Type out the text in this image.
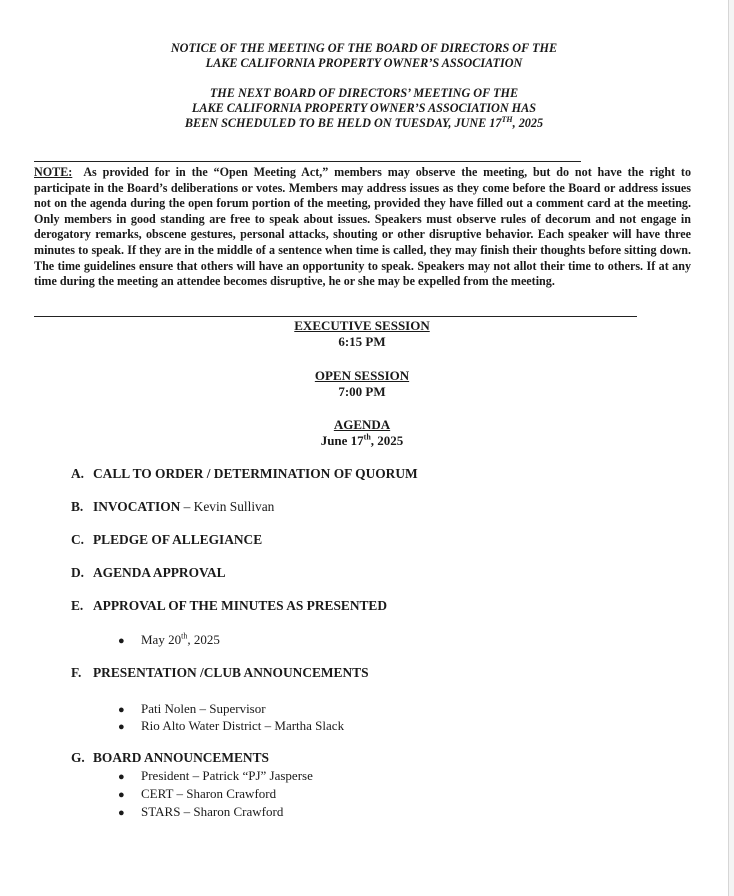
NOTICE OF THE MEETING OF THE BOARD OF DIRECTORS OF THE
LAKE CALIFORNIA PROPERTY OWNER’S ASSOCIATION
THE NEXT BOARD OF DIRECTORS’ MEETING OF THE
LAKE CALIFORNIA PROPERTY OWNER’S ASSOCIATION HAS
BEEN SCHEDULED TO BE HELD ON TUESDAY, JUNE 17TH, 2025
NOTE: As provided for in the “Open Meeting Act,” members may observe the meeting, but do not have the right to participate in the Board’s deliberations or votes. Members may address issues as they come before the Board or address issues not on the agenda during the open forum portion of the meeting, provided they have filled out a comment card at the meeting. Only members in good standing are free to speak about issues. Speakers must observe rules of decorum and not engage in derogatory remarks, obscene gestures, personal attacks, shouting or other disruptive behavior. Each speaker will have three minutes to speak. If they are in the middle of a sentence when time is called, they may finish their thoughts before sitting down. The time guidelines ensure that others will have an opportunity to speak. Speakers may not allot their time to others. If at any time during the meeting an attendee becomes disruptive, he or she may be expelled from the meeting.
EXECUTIVE SESSION
6:15 PM
OPEN SESSION
7:00 PM
AGENDA
June 17th, 2025
A. CALL TO ORDER / DETERMINATION OF QUORUM
B. INVOCATION – Kevin Sullivan
C. PLEDGE OF ALLEGIANCE
D. AGENDA APPROVAL
E. APPROVAL OF THE MINUTES AS PRESENTED
● May 20th, 2025
F. PRESENTATION /CLUB ANNOUNCEMENTS
● Pati Nolen – Supervisor
● Rio Alto Water District – Martha Slack
G. BOARD ANNOUNCEMENTS
● President – Patrick “PJ” Jasperse
● CERT – Sharon Crawford
● STARS – Sharon Crawford
